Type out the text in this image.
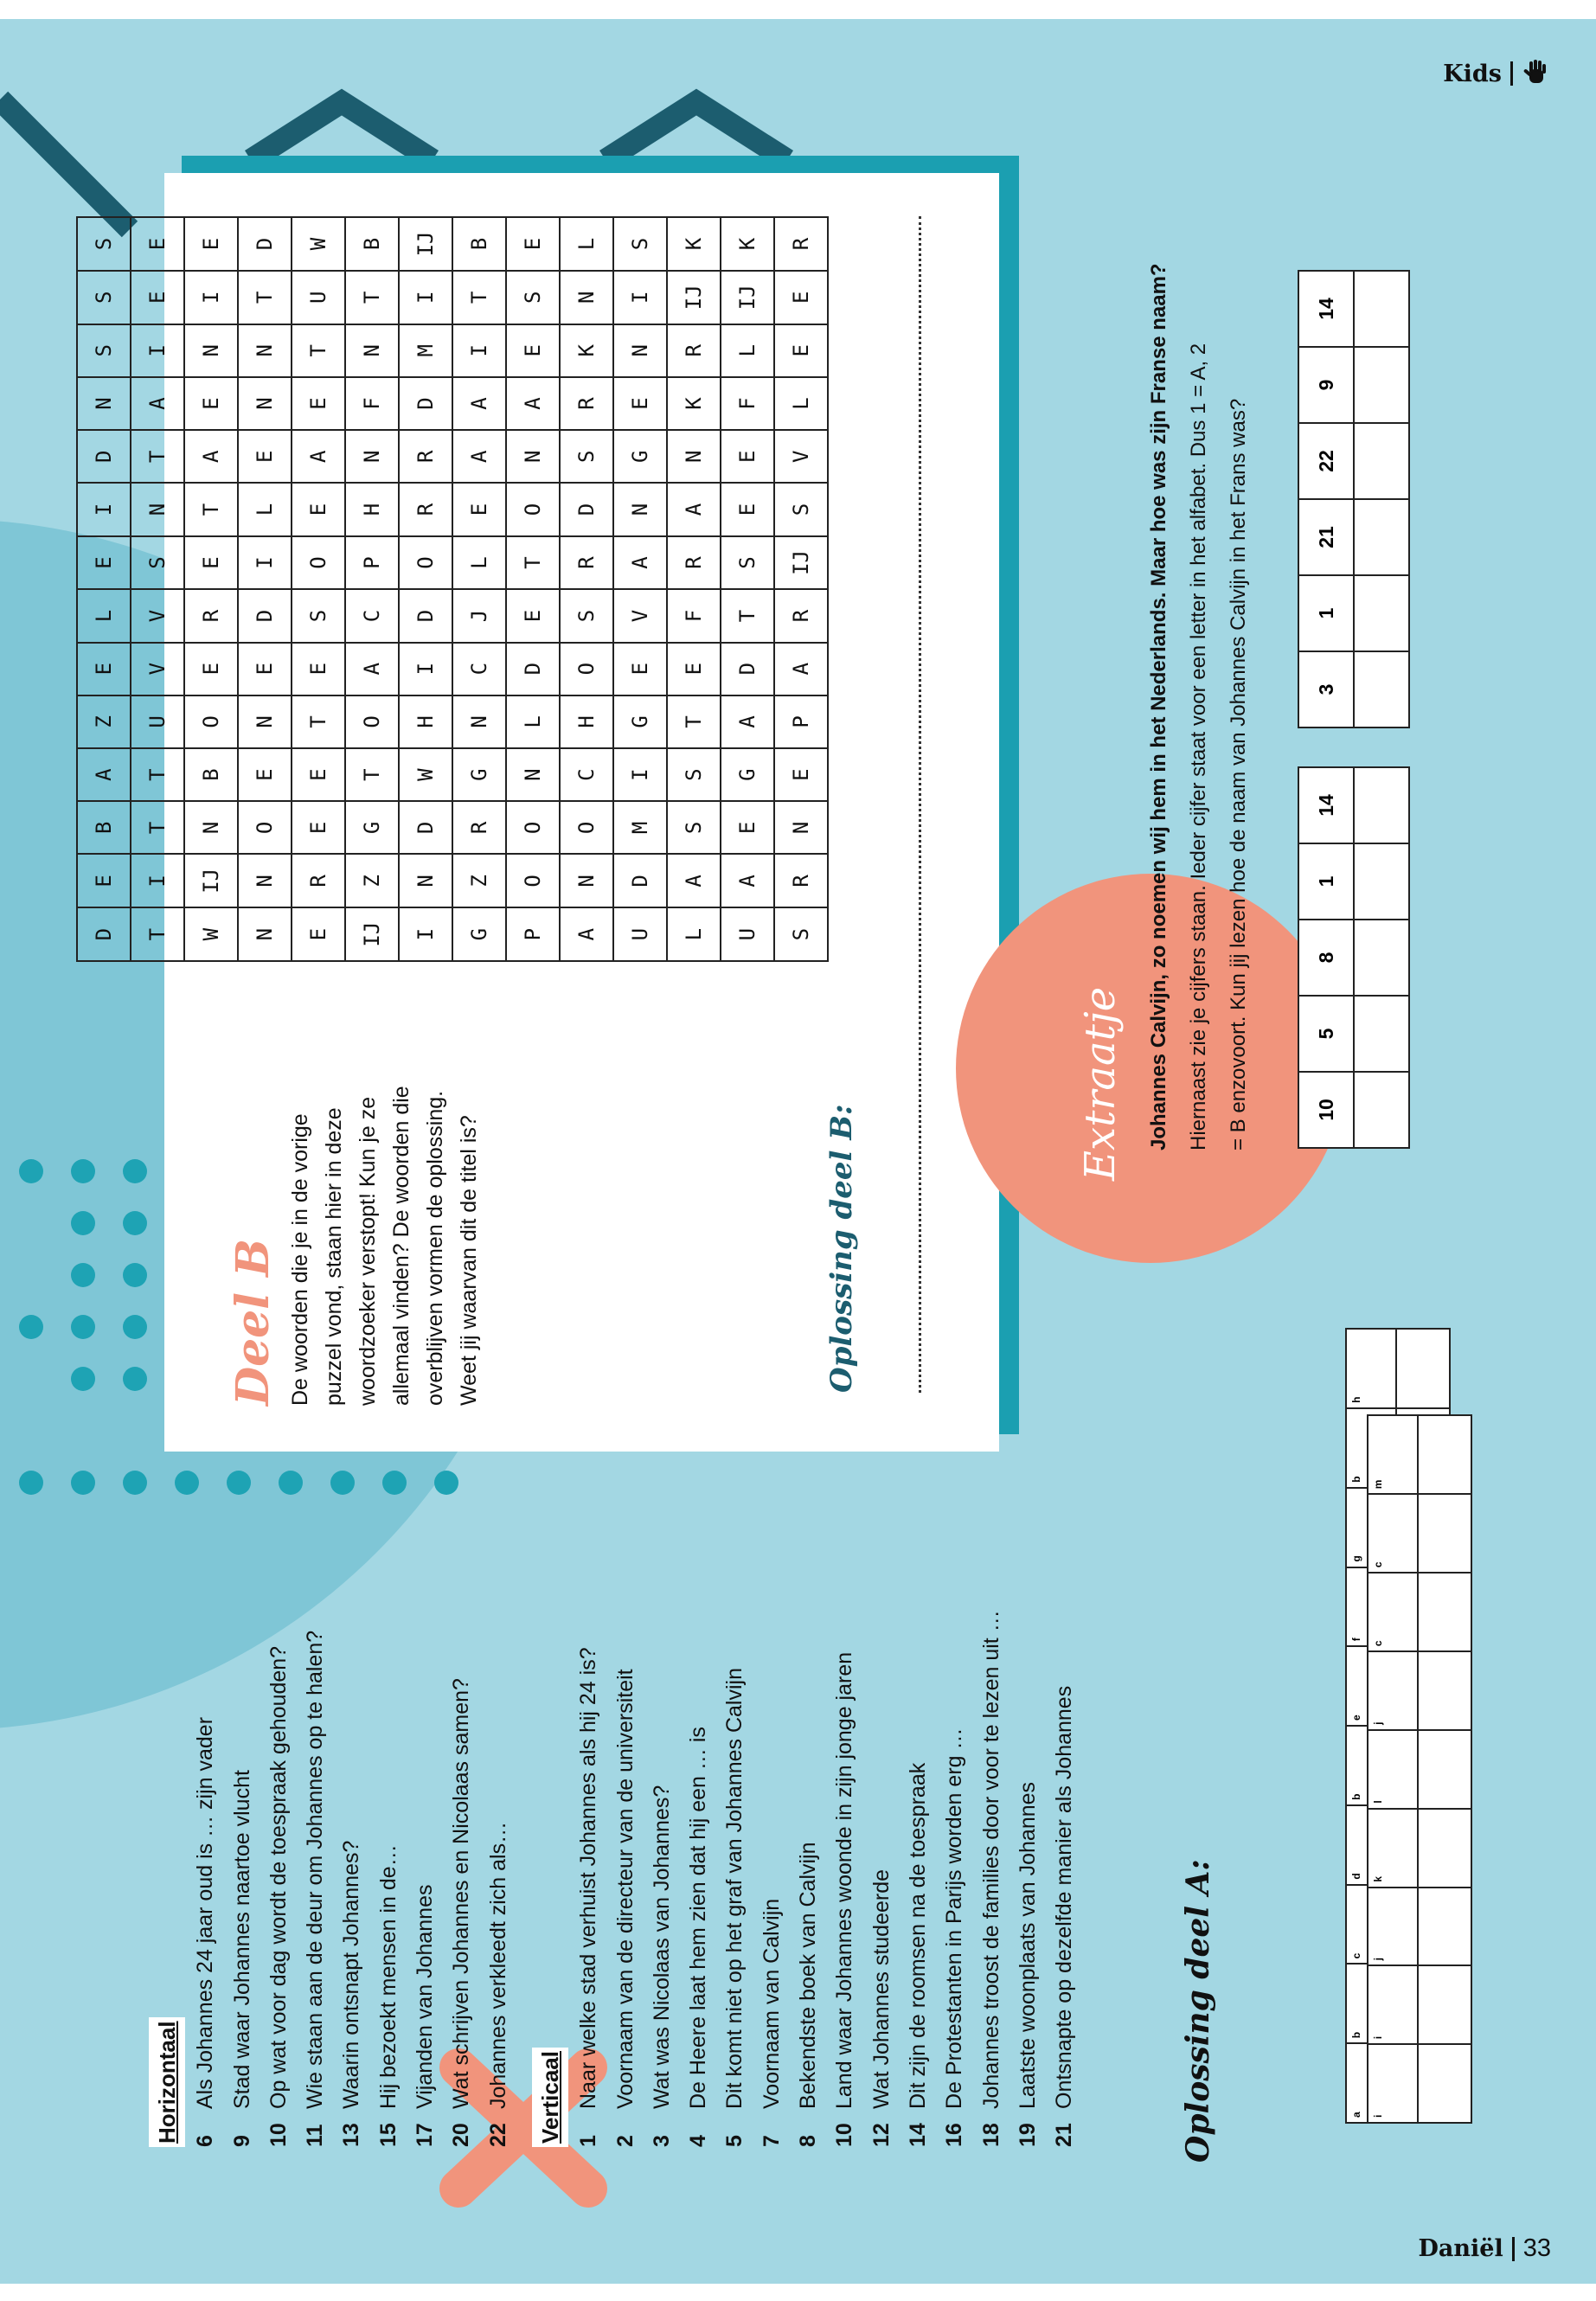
Kids
Daniël 33
D	E	B	A	Z	E	L	E	I	D	N	S	S	S
T	I	T	T	U	V	V	S	N	T	A	I	E	E
W	IJ	N	B	O	E	R	E	T	A	E	N	I	E
N	N	O	E	N	E	D	I	L	E	N	N	T	D
E	R	E	E	T	E	S	O	E	A	E	T	U	W
IJ	Z	G	T	O	A	C	P	H	N	F	N	T	B
I	N	D	W	H	I	D	O	R	R	D	M	I	IJ
G	Z	R	G	N	C	J	L	E	A	A	I	T	B
P	O	O	N	L	D	E	T	O	N	A	E	S	E
A	N	O	C	H	O	S	R	D	S	R	K	N	L
U	D	M	I	G	E	V	A	N	G	E	N	I	S
L	A	S	S	T	E	F	R	A	N	K	R	IJ	K
U	A	E	G	A	D	T	S	E	E	F	L	IJ	K
S	R	N	E	P	A	R	IJ	S	V	L	E	E	R
Deel B De woorden die je in de vorige puzzel vond, staan hier in deze woordzoeker verstopt! Kun je ze allemaal vinden? De woorden die overblijven vormen de oplossing. Weet jij waarvan dit de titel is?	Oplossing deel B:
Extraatje	Johannes Calvijn, zo noemen wij hem in het Nederlands. Maar hoe was zijn Franse naam? Hiernaast zie je cijfers staan. Ieder cijfer staat voor een letter in het alfabet. Dus 1 = A, 2 = B enzovoort. Kun jij lezen hoe de naam van Johannes Calvijn in het Frans was?	10	5	8	1	14

3	1	21	22	9	14

Horizontaal 6
Als Johannes 24 jaar oud is … zijn vader
9
Stad waar Johannes naartoe vlucht
10
Op wat voor dag wordt de toespraak gehouden?
11
Wie staan aan de deur om Johannes op te halen?
13
Waarin ontsnapt Johannes?
15
Hij bezoekt mensen in de…
17
Vijanden van Johannes
20
Wat schrijven Johannes en Nicolaas samen?
22
Johannes verkleedt zich als… Verticaal 1
Naar welke stad verhuist Johannes als hij 24 is?
2
Voornaam van de directeur van de universiteit
3
Wat was Nicolaas van Johannes?
4
De Heere laat hem zien dat hij een … is
5
Dit komt niet op het graf van Johannes Calvijn
7
Voornaam van Calvijn
8
Bekendste boek van Calvijn
10
Land waar Johannes woonde in zijn jonge jaren
12
Wat Johannes studeerde
14
Dit zijn de roomsen na de toespraak
16
De Protestanten in Parijs worden erg …
18
Johannes troost de families door voor te lezen uit …
19
Laatste woonplaats van Johannes
21
Ontsnapte op dezelfde manier als Johannes	Oplossing deel A:	a	b	c	d	b	e	f	g	b	h

i	i	j	k	l	j	c	c	m
